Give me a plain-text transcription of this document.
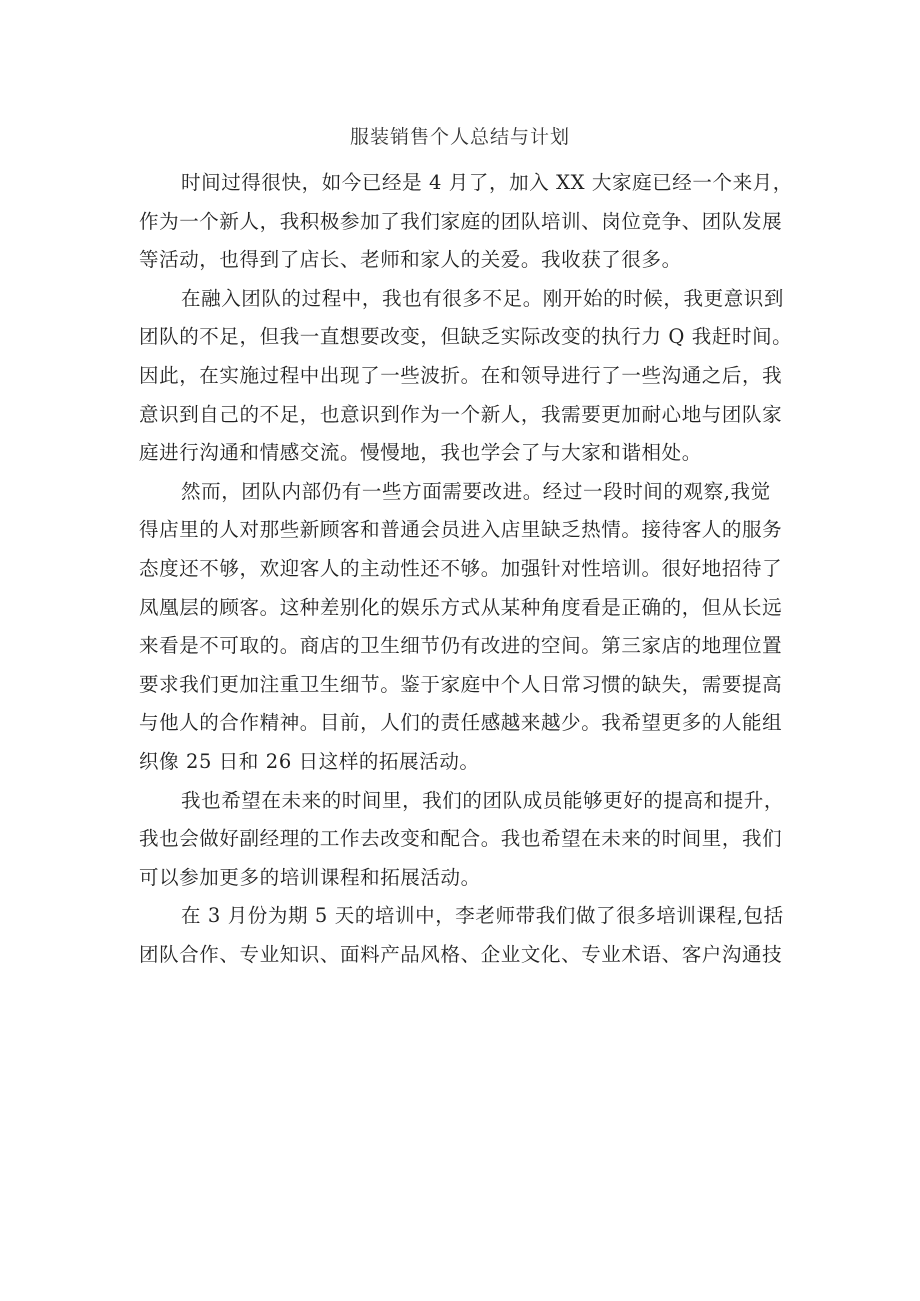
服装销售个人总结与计划

时间过得很快，如今已经是 4 月了，加入 XX 大家庭已经一个来月，
作为一个新人，我积极参加了我们家庭的团队培训、岗位竞争、团队发展
等活动，也得到了店长、老师和家人的关爱。我收获了很多。

在融入团队的过程中，我也有很多不足。刚开始的时候，我更意识到
团队的不足，但我一直想要改变，但缺乏实际改变的执行力 Q 我赶时间。
因此，在实施过程中出现了一些波折。在和领导进行了一些沟通之后，我
意识到自己的不足，也意识到作为一个新人，我需要更加耐心地与团队家
庭进行沟通和情感交流。慢慢地，我也学会了与大家和谐相处。

然而，团队内部仍有一些方面需要改进。经过一段时间的观察,我觉
得店里的人对那些新顾客和普通会员进入店里缺乏热情。接待客人的服务
态度还不够，欢迎客人的主动性还不够。加强针对性培训。很好地招待了
凤凰层的顾客。这种差别化的娱乐方式从某种角度看是正确的，但从长远
来看是不可取的。商店的卫生细节仍有改进的空间。第三家店的地理位置
要求我们更加注重卫生细节。鉴于家庭中个人日常习惯的缺失，需要提高
与他人的合作精神。目前，人们的责任感越来越少。我希望更多的人能组
织像 25 日和 26 日这样的拓展活动。

我也希望在未来的时间里，我们的团队成员能够更好的提高和提升，
我也会做好副经理的工作去改变和配合。我也希望在未来的时间里，我们
可以参加更多的培训课程和拓展活动。

在 3 月份为期 5 天的培训中，李老师带我们做了很多培训课程,包括
团队合作、专业知识、面料产品风格、企业文化、专业术语、客户沟通技
